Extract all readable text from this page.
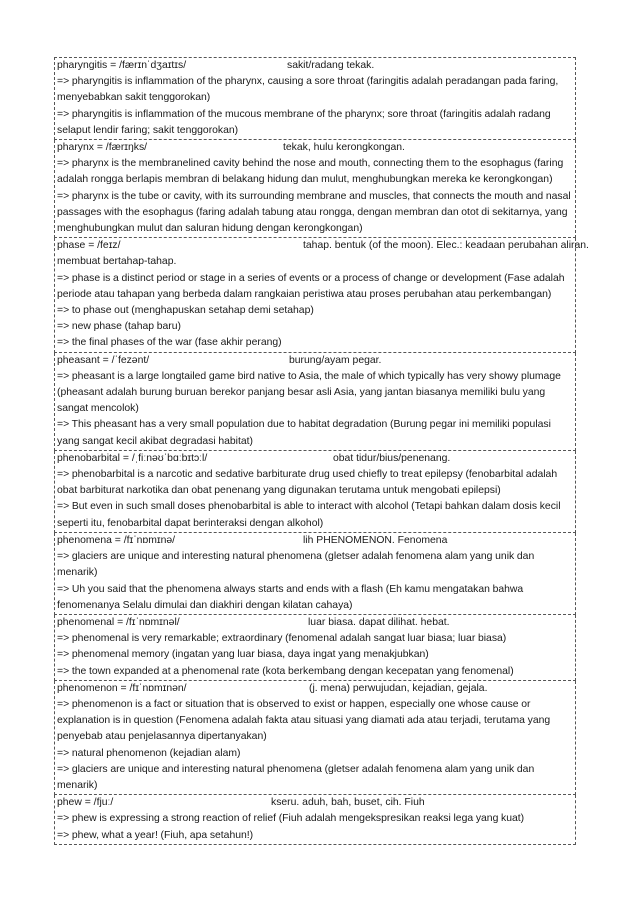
pharyngitis = /færɪnˈdʒaɪtɪs/	sakit/radang tekak.

=> pharyngitis is inflammation of the pharynx, causing a sore throat (faringitis adalah peradangan pada faring, menyebabkan sakit tenggorokan)

=> pharyngitis is inflammation of the mucous membrane of the pharynx; sore throat (faringitis adalah radang selaput lendir faring; sakit tenggorokan)

pharynx = /færɪŋks/	tekak, hulu kerongkongan.

=> pharynx is the membranelined cavity behind the nose and mouth, connecting them to the esophagus (faring adalah rongga berlapis membran di belakang hidung dan mulut, menghubungkan mereka ke kerongkongan)

=> pharynx is the tube or cavity, with its surrounding membrane and muscles, that connects the mouth and nasal passages with the esophagus (faring adalah tabung atau rongga, dengan membran dan otot di sekitarnya, yang menghubungkan mulut dan saluran hidung dengan kerongkongan)

phase = /feɪz/	tahap. bentuk (of the moon). Elec.: keadaan perubahan aliran.

membuat bertahap-tahap.

=> phase is a distinct period or stage in a series of events or a process of change or development (Fase adalah periode atau tahapan yang berbeda dalam rangkaian peristiwa atau proses perubahan atau perkembangan)

=> to phase out (menghapuskan setahap demi setahap)

=> new phase (tahap baru)

=> the final phases of the war (fase akhir perang)

pheasant = /ˈfezənt/	burung/ayam pegar.

=> pheasant is a large longtailed game bird native to Asia, the male of which typically has very showy plumage (pheasant adalah burung buruan berekor panjang besar asli Asia, yang jantan biasanya memiliki bulu yang sangat mencolok)

=> This pheasant has a very small population due to habitat degradation (Burung pegar ini memiliki populasi yang sangat kecil akibat degradasi habitat)

phenobarbital = /ˌfiːnəʊˈbɑːbɪtɔːl/	obat tidur/bius/penenang.

=> phenobarbital is a narcotic and sedative barbiturate drug used chiefly to treat epilepsy (fenobarbital adalah obat barbiturat narkotika dan obat penenang yang digunakan terutama untuk mengobati epilepsi)

=> But even in such small doses phenobarbital is able to interact with alcohol (Tetapi bahkan dalam dosis kecil seperti itu, fenobarbital dapat berinteraksi dengan alkohol)

phenomena = /fɪˈnɒmɪnə/	lih PHENOMENON. Fenomena

=> glaciers are unique and interesting natural phenomena (gletser adalah fenomena alam yang unik dan menarik)

=> Uh you said that the phenomena always starts and ends with a flash (Eh kamu mengatakan bahwa fenomenanya Selalu dimulai dan diakhiri dengan kilatan cahaya)

phenomenal = /fɪˈnɒmɪnəl/	luar biasa. dapat dilihat. hebat.

=> phenomenal is very remarkable; extraordinary (fenomenal adalah sangat luar biasa; luar biasa)

=> phenomenal memory (ingatan yang luar biasa, daya ingat yang menakjubkan)

=> the town expanded at a phenomenal rate (kota berkembang dengan kecepatan yang fenomenal)

phenomenon = /fɪˈnɒmɪnən/	(j. mena) perwujudan, kejadian, gejala.

=> phenomenon is a fact or situation that is observed to exist or happen, especially one whose cause or explanation is in question (Fenomena adalah fakta atau situasi yang diamati ada atau terjadi, terutama yang penyebab atau penjelasannya dipertanyakan)

=> natural phenomenon (kejadian alam)

=> glaciers are unique and interesting natural phenomena (gletser adalah fenomena alam yang unik dan menarik)

phew = /fjuː/	kseru. aduh, bah, buset, cih. Fiuh

=> phew is expressing a strong reaction of relief (Fiuh adalah mengekspresikan reaksi lega yang kuat)

=> phew, what a year! (Fiuh, apa setahun!)
